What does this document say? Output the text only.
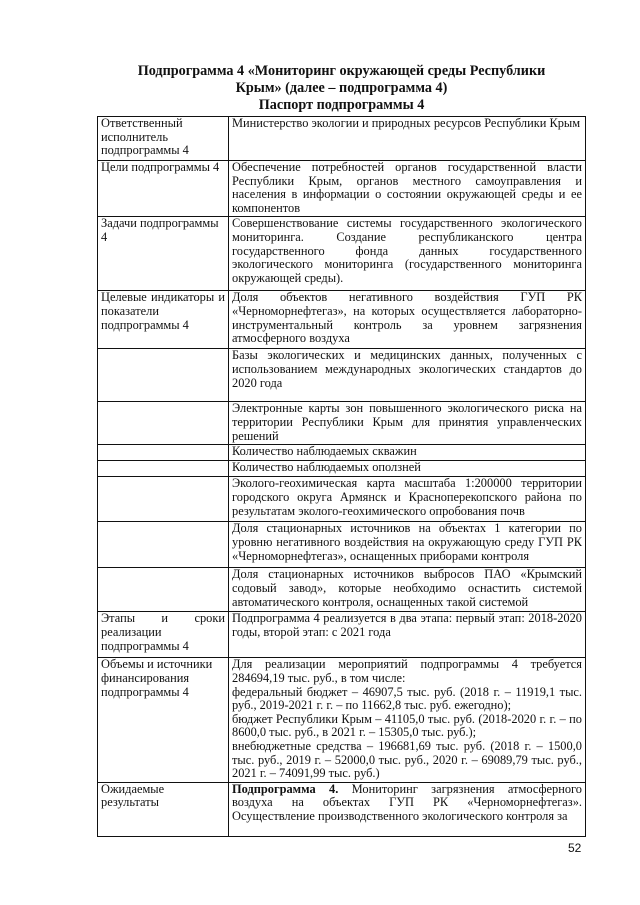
Подпрограмма 4 «Мониторинг окружающей среды Республики
Крым» (далее – подпрограмма 4)
Паспорт подпрограммы 4
Ответственный исполнитель подпрограммы 4	Министерство экологии и природных ресурсов Республики Крым
Цели подпрограммы 4	Обеспечение потребностей органов государственной власти Республики Крым, органов местного самоуправления и населения в информации о состоянии окружающей среды и ее компонентов
Задачи подпрограммы 4	Совершенствование системы государственного экологического мониторинга. Создание республиканского центра государственного фонда данных государственного экологического мониторинга (государственного мониторинга окружающей среды).
Целевые индикаторы и показатели подпрограммы 4	Доля объектов негативного воздействия ГУП РК «Черноморнефтегаз», на которых осуществляется лабораторно-инструментальный контроль за уровнем загрязнения атмосферного воздуха
	Базы экологических и медицинских данных, полученных с использованием международных экологических стандартов до 2020 года
	Электронные карты зон повышенного экологического риска на территории Республики Крым для принятия управленческих решений
	Количество наблюдаемых скважин
	Количество наблюдаемых оползней
	Эколого-геохимическая карта масштаба 1:200000 территории городского округа Армянск и Красноперекопского района по результатам эколого-геохимического опробования почв
	Доля стационарных источников на объектах 1 категории по уровню негативного воздействия на окружающую среду ГУП РК «Черноморнефтегаз», оснащенных приборами контроля
	Доля стационарных источников выбросов ПАО «Крымский содовый завод», которые необходимо оснастить системой автоматического контроля, оснащенных такой системой
Этапы и сроки реализации подпрограммы 4	Подпрограмма 4 реализуется в два этапа: первый этап: 2018-2020 годы, второй этап: с 2021 года
Объемы и источники финансирования подпрограммы 4	Для реализации мероприятий подпрограммы 4 требуется 284694,19 тыс. руб., в том числе:
федеральный бюджет – 46907,5 тыс. руб. (2018 г. – 11919,1 тыс. руб., 2019-2021 г. г. – по 11662,8 тыс. руб. ежегодно);
бюджет Республики Крым – 41105,0 тыс. руб. (2018-2020 г. г. – по 8600,0 тыс. руб., в 2021 г. – 15305,0 тыс. руб.);
внебюджетные средства – 196681,69 тыс. руб. (2018 г. – 1500,0 тыс. руб., 2019 г. – 52000,0 тыс. руб., 2020 г. – 69089,79 тыс. руб., 2021 г. – 74091,99 тыс. руб.)

Ожидаемые результаты	Подпрограмма 4. Мониторинг загрязнения атмосферного воздуха на объектах ГУП РК «Черноморнефтегаз». Осуществление производственного экологического контроля за
52
